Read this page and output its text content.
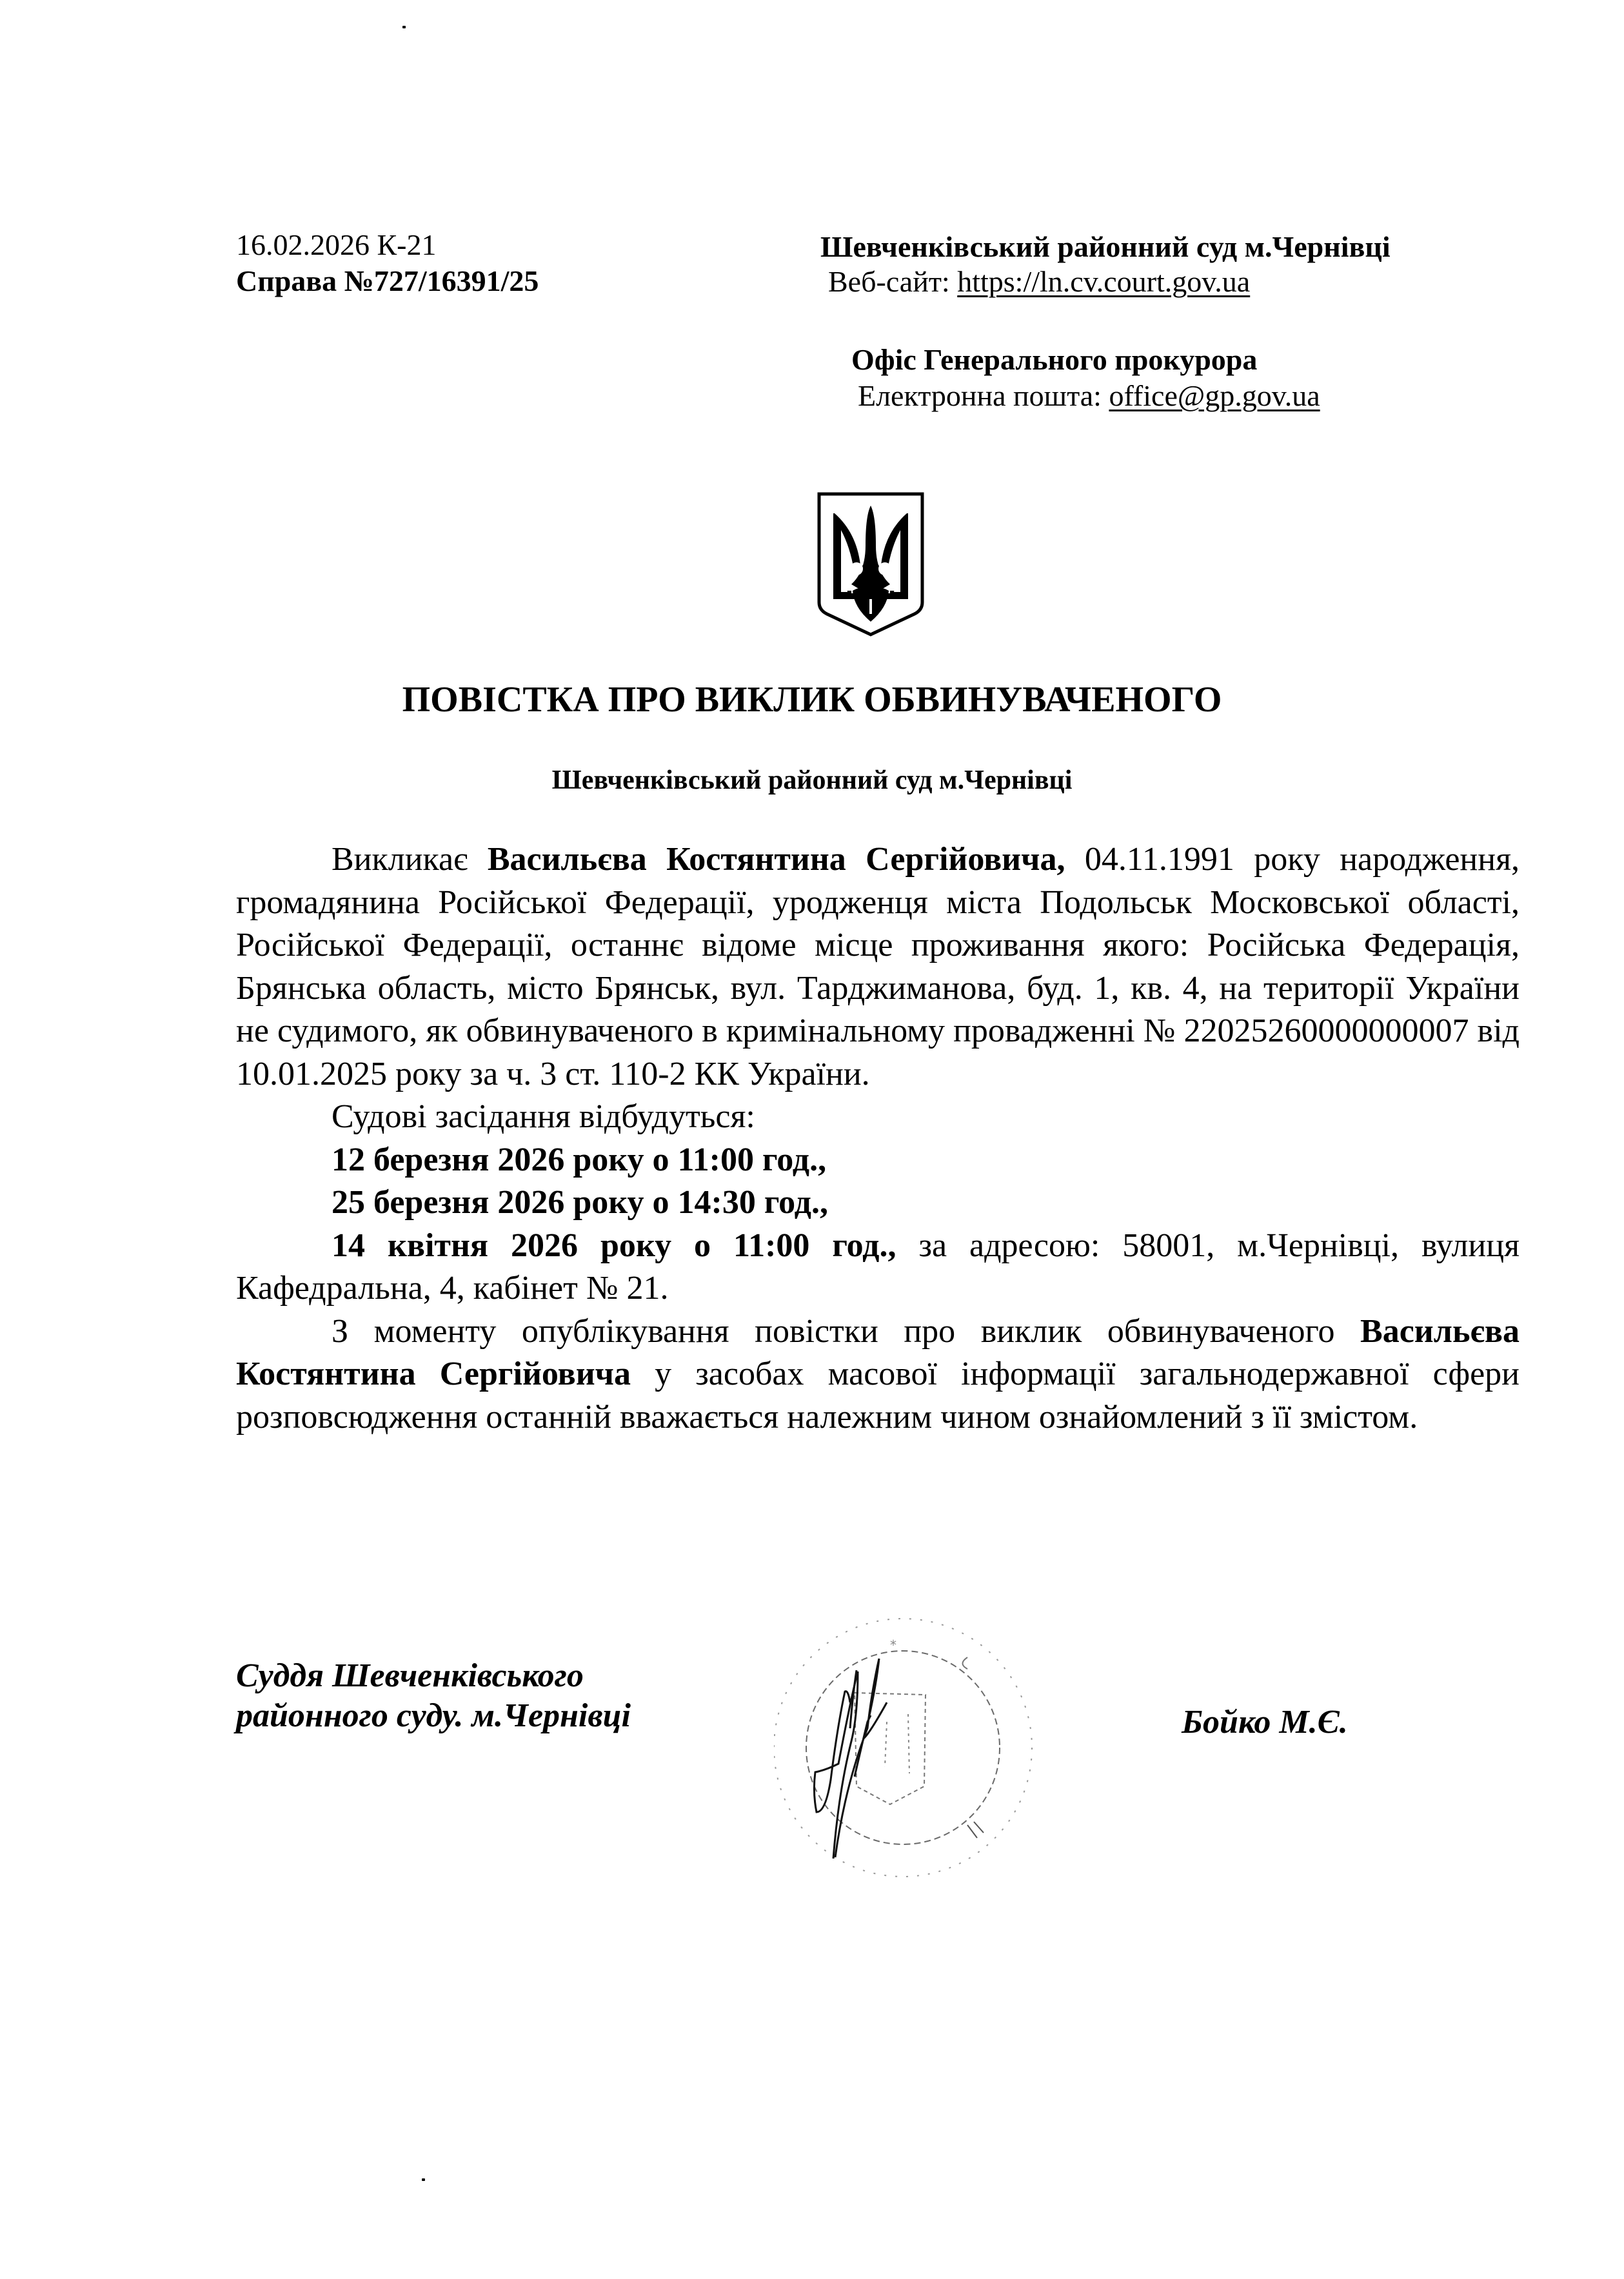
16.02.2026 К-21
Справа №727/16391/25
Шевченківський районний суд м.Чернівці
Веб-сайт: https://ln.cv.court.gov.ua
Офіс Генерального прокурора
Електронна пошта: office@gp.gov.ua
ПОВІСТКА ПРО ВИКЛИК ОБВИНУВАЧЕНОГО
Шевченківський районний суд м.Чернівці

Викликає Васильєва Костянтина Сергійовича, 04.11.1991 року народження, громадянина Російської Федерації, уродженця міста Подольськ Московської області, Російської Федерації, останнє відоме місце проживання якого: Російська Федерація, Брянська область, місто Брянськ, вул. Тарджиманова, буд. 1, кв. 4, на території України не судимого, як обвинуваченого в кримінальному провадженні № 22025260000000007 від 10.01.2025 року за ч. 3 ст. 110-2 КК України.

Судові засідання відбудуться:

12 березня 2026 року о 11:00 год.,

25 березня 2026 року о 14:30 год.,

14 квітня 2026 року о 11:00 год., за адресою: 58001, м.Чернівці, вулиця Кафедральна, 4, кабінет № 21.

З моменту опублікування повістки про виклик обвинуваченого Васильєва Костянтина Сергійовича у засобах масової інформації загальнодержавної сфери розповсюдження останній вважається належним чином ознайомлений з її змістом.

Суддя Шевченківського
районного суду. м.Чернівці
*
Бойко М.Є.
